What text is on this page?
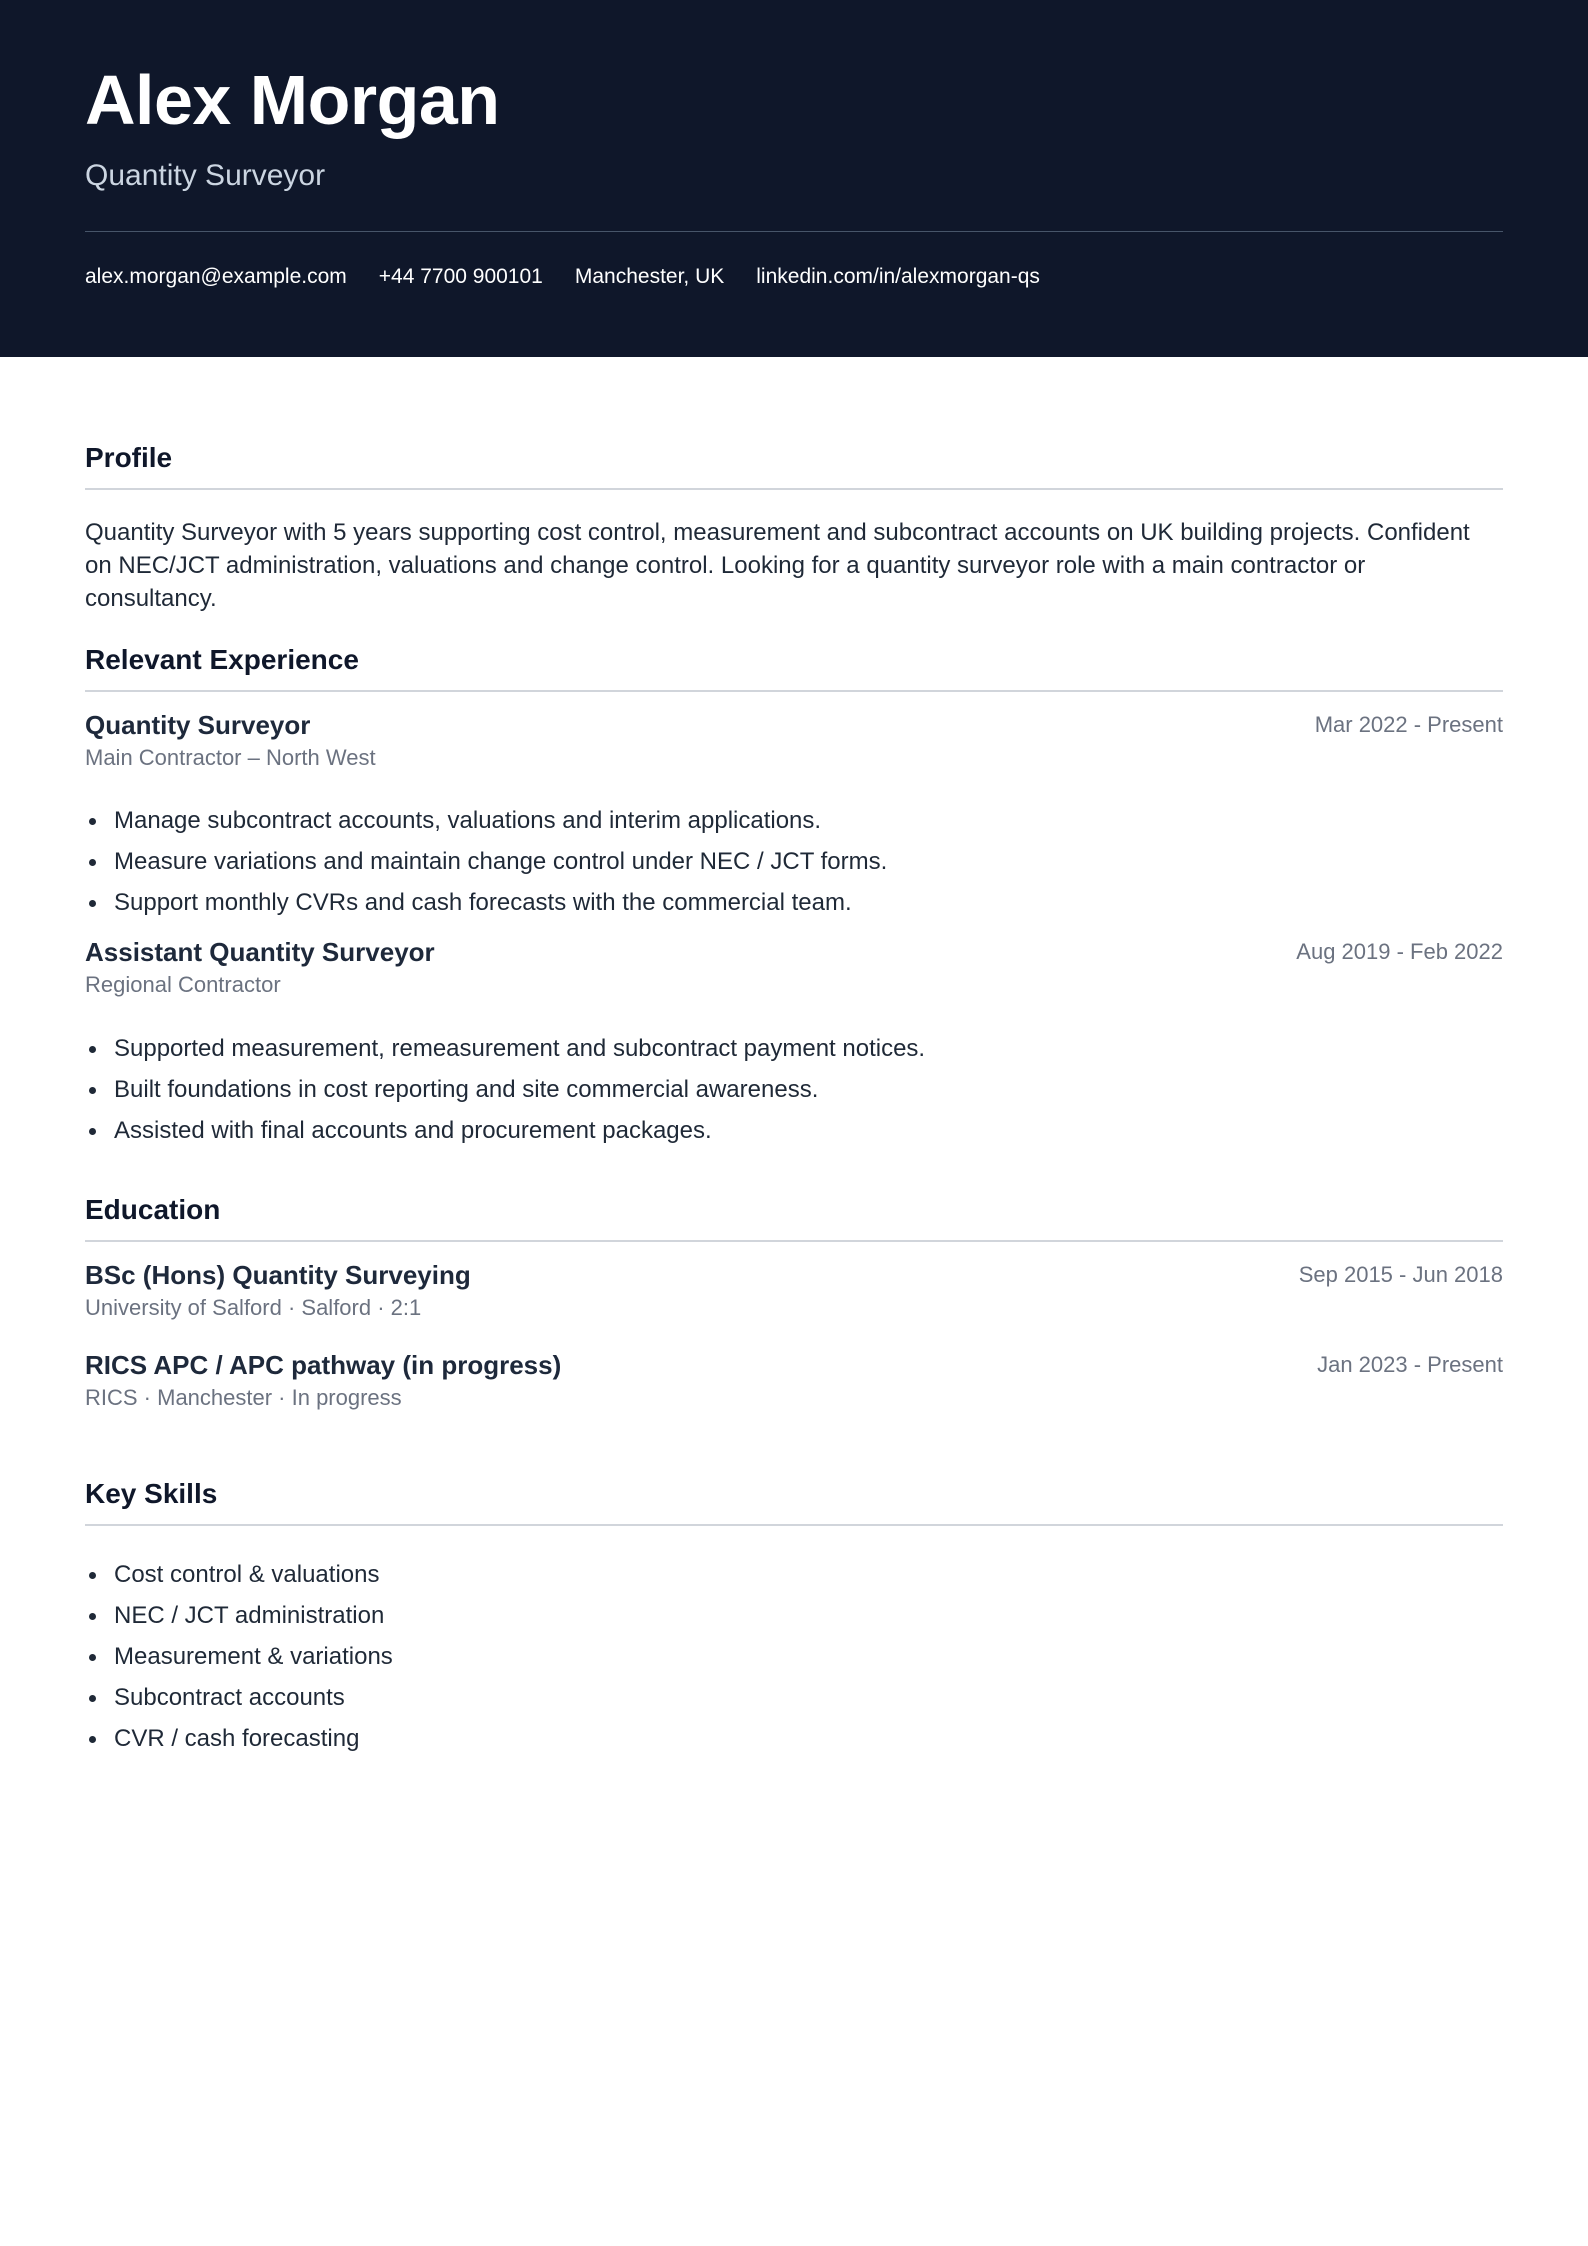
Alex Morgan
Quantity Surveyor
alex.morgan@example.com +44 7700 900101 Manchester, UK linkedin.com/in/alexmorgan-qs
Profile

Quantity Surveyor with 5 years supporting cost control, measurement and subcontract accounts on UK building projects. Confident on NEC/JCT administration, valuations and change control. Looking for a quantity surveyor role with a main contractor or consultancy.

Relevant Experience
Quantity Surveyor
Main Contractor – North West
Mar 2022 - Present
Manage subcontract accounts, valuations and interim applications.
Measure variations and maintain change control under NEC / JCT forms.
Support monthly CVRs and cash forecasts with the commercial team.
Assistant Quantity Surveyor
Regional Contractor
Aug 2019 - Feb 2022
Supported measurement, remeasurement and subcontract payment notices.
Built foundations in cost reporting and site commercial awareness.
Assisted with final accounts and procurement packages.
Education
BSc (Hons) Quantity Surveying
University of Salford · Salford · 2:1
Sep 2015 - Jun 2018
RICS APC / APC pathway (in progress)
RICS · Manchester · In progress
Jan 2023 - Present
Key Skills
Cost control & valuations
NEC / JCT administration
Measurement & variations
Subcontract accounts
CVR / cash forecasting
